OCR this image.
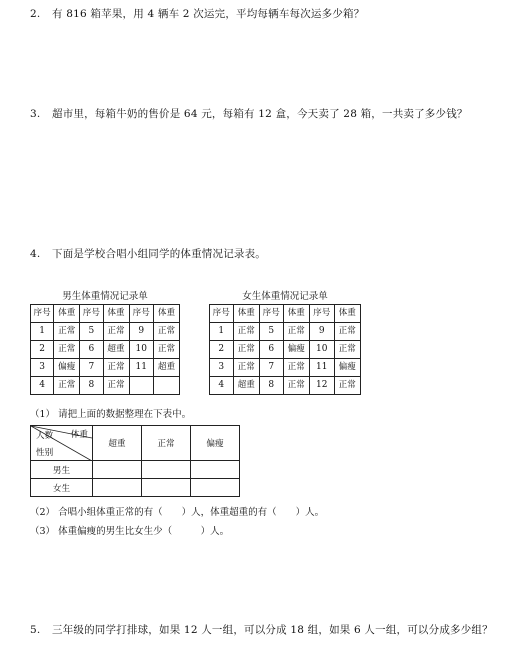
2. 有 816 箱苹果，用 4 辆车 2 次运完，平均每辆车每次运多少箱？
3. 超市里，每箱牛奶的售价是 64 元，每箱有 12 盒，今天卖了 28 箱，一共卖了多少钱？
4. 下面是学校合唱小组同学的体重情况记录表。
男生体重情况记录单
序号	体重	序号	体重	序号	体重
1	正常	5	正常	9	正常
2	正常	6	超重	10	正常
3	偏瘦	7	正常	11	超重
4	正常	8	正常		
女生体重情况记录单
序号	体重	序号	体重	序号	体重
1	正常	5	正常	9	正常
2	正常	6	偏瘦	10	正常
3	正常	7	正常	11	偏瘦
4	超重	8	正常	12	正常
（1） 请把上面的数据整理在下表中。
体重
人数
性别	超重	正常	偏瘦
男生			
女生			
（2） 合唱小组体重正常的有（　　）人，体重超重的有（　　）人。
（3） 体重偏瘦的男生比女生少（　　　）人。
5. 三年级的同学打排球，如果 12 人一组，可以分成 18 组，如果 6 人一组，可以分成多少组？
